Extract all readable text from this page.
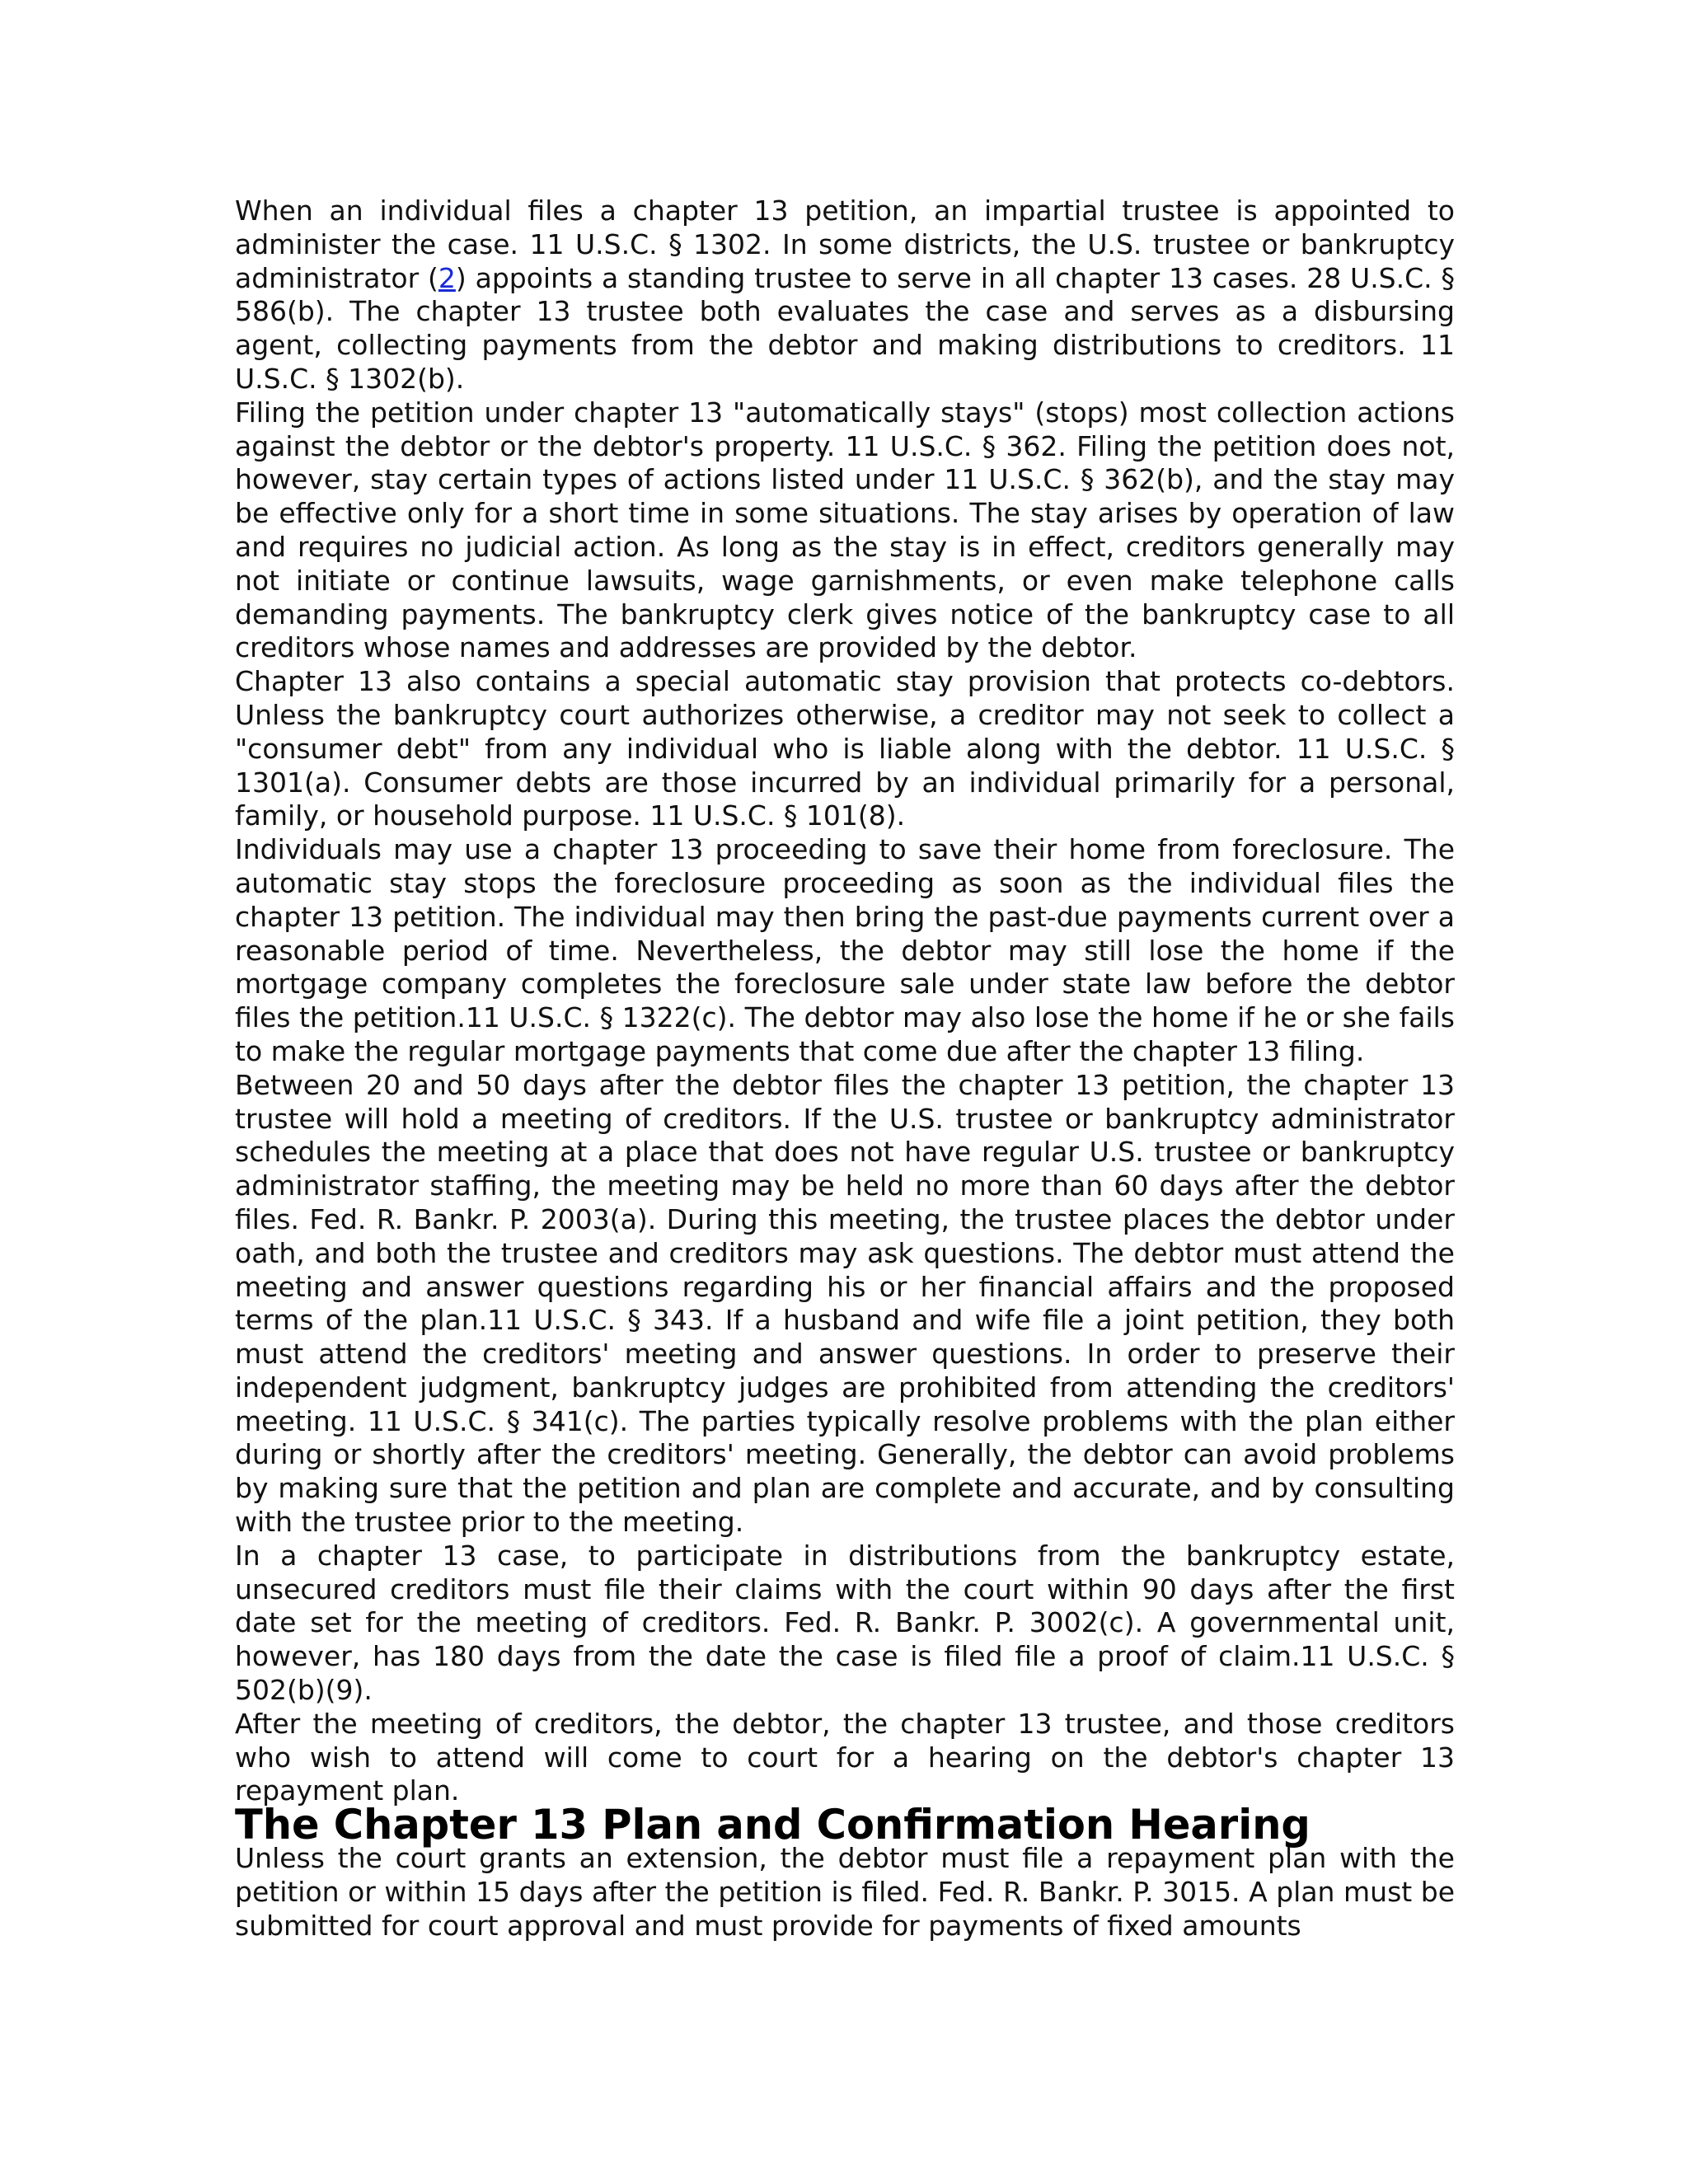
When an individual files a chapter 13 petition, an impartial trustee is appointed to administer the case. 11 U.S.C. § 1302. In some districts, the U.S. trustee or bankruptcy administrator (2) appoints a standing trustee to serve in all chapter 13 cases. 28 U.S.C. § 586(b). The chapter 13 trustee both evaluates the case and serves as a disbursing agent, collecting payments from the debtor and making distributions to creditors. 11 U.S.C. § 1302(b).

Filing the petition under chapter 13 "automatically stays" (stops) most collection actions against the debtor or the debtor's property. 11 U.S.C. § 362. Filing the petition does not, however, stay certain types of actions listed under 11 U.S.C. § 362(b), and the stay may be effective only for a short time in some situations. The stay arises by operation of law and requires no judicial action. As long as the stay is in effect, creditors generally may not initiate or continue lawsuits, wage garnishments, or even make telephone calls demanding payments. The bankruptcy clerk gives notice of the bankruptcy case to all creditors whose names and addresses are provided by the debtor.

Chapter 13 also contains a special automatic stay provision that protects co-debtors. Unless the bankruptcy court authorizes otherwise, a creditor may not seek to collect a "consumer debt" from any individual who is liable along with the debtor. 11 U.S.C. § 1301(a). Consumer debts are those incurred by an individual primarily for a personal, family, or household purpose. 11 U.S.C. § 101(8).

Individuals may use a chapter 13 proceeding to save their home from foreclosure. The automatic stay stops the foreclosure proceeding as soon as the individual files the chapter 13 petition. The individual may then bring the past-due payments current over a reasonable period of time. Nevertheless, the debtor may still lose the home if the mortgage company completes the foreclosure sale under state law before the debtor files the petition.11 U.S.C. § 1322(c). The debtor may also lose the home if he or she fails to make the regular mortgage payments that come due after the chapter 13 filing.

Between 20 and 50 days after the debtor files the chapter 13 petition, the chapter 13 trustee will hold a meeting of creditors. If the U.S. trustee or bankruptcy administrator schedules the meeting at a place that does not have regular U.S. trustee or bankruptcy administrator staffing, the meeting may be held no more than 60 days after the debtor files. Fed. R. Bankr. P. 2003(a). During this meeting, the trustee places the debtor under oath, and both the trustee and creditors may ask questions. The debtor must attend the meeting and answer questions regarding his or her financial affairs and the proposed terms of the plan.11 U.S.C. § 343. If a husband and wife file a joint petition, they both must attend the creditors' meeting and answer questions. In order to preserve their independent judgment, bankruptcy judges are prohibited from attending the creditors' meeting. 11 U.S.C. § 341(c). The parties typically resolve problems with the plan either during or shortly after the creditors' meeting. Generally, the debtor can avoid problems by making sure that the petition and plan are complete and accurate, and by consulting with the trustee prior to the meeting.

In a chapter 13 case, to participate in distributions from the bankruptcy estate, unsecured creditors must file their claims with the court within 90 days after the first date set for the meeting of creditors. Fed. R. Bankr. P. 3002(c). A governmental unit, however, has 180 days from the date the case is filed file a proof of claim.11 U.S.C. § 502(b)(9).

After the meeting of creditors, the debtor, the chapter 13 trustee, and those creditors who wish to attend will come to court for a hearing on the debtor's chapter 13 repayment plan.

The Chapter 13 Plan and Confirmation Hearing

Unless the court grants an extension, the debtor must file a repayment plan with the petition or within 15 days after the petition is filed. Fed. R. Bankr. P. 3015. A plan must be submitted for court approval and must provide for payments of fixed amounts
